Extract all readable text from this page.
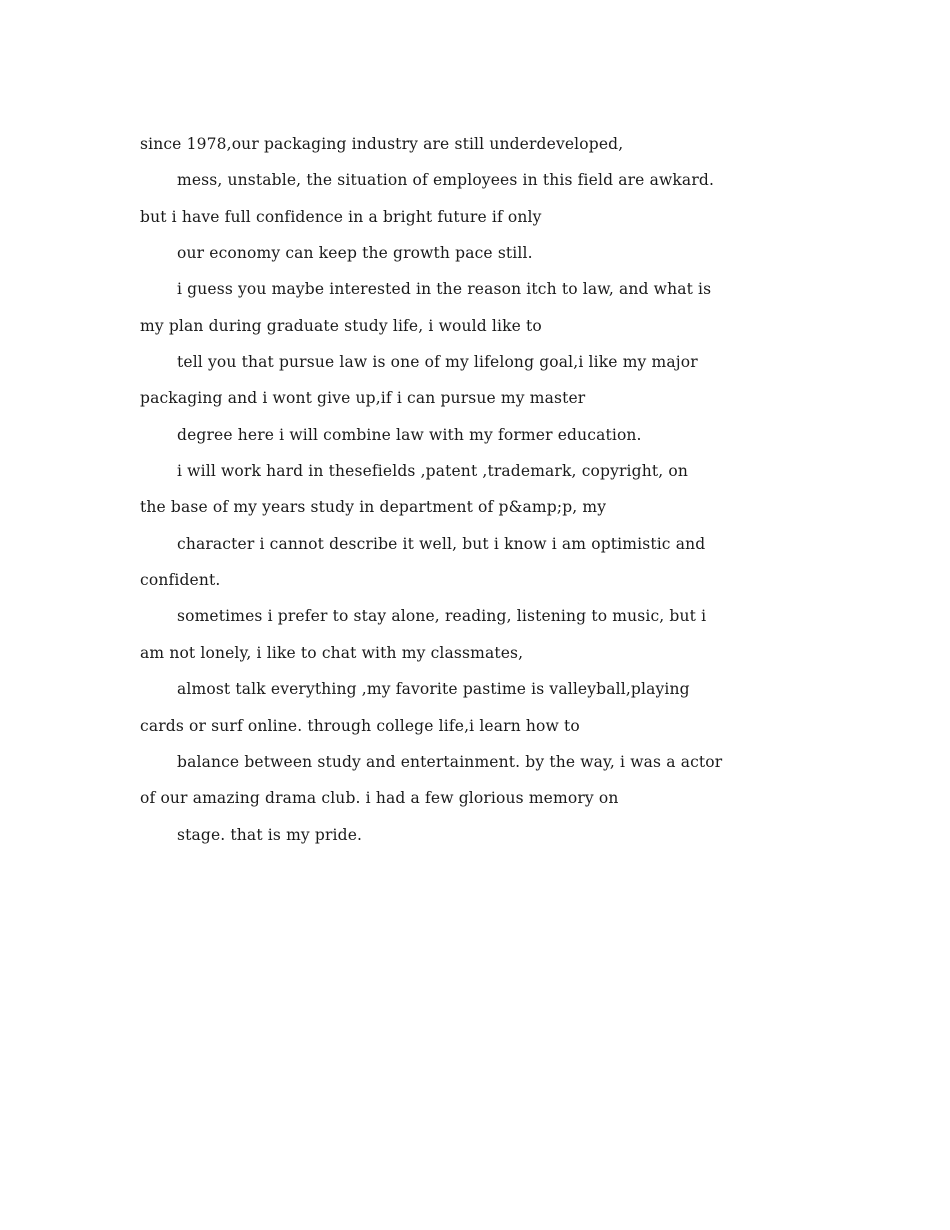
since 1978,our packaging industry are still underdeveloped,
mess, unstable, the situation of employees in this field are awkard.
but i have full confidence in a bright future if only
our economy can keep the growth pace still.
i guess you maybe interested in the reason itch to law, and what is
my plan during graduate study life, i would like to
tell you that pursue law is one of my lifelong goal,i like my major
packaging and i wont give up,if i can pursue my master
degree here i will combine law with my former education.
i will work hard in thesefields ,patent ,trademark, copyright, on
the base of my years study in department of p&amp;p, my
character i cannot describe it well, but i know i am optimistic and
confident.
sometimes i prefer to stay alone, reading, listening to music, but i
am not lonely, i like to chat with my classmates,
almost talk everything ,my favorite pastime is valleyball,playing
cards or surf online. through college life,i learn how to
balance between study and entertainment. by the way, i was a actor
of our amazing drama club. i had a few glorious memory on
stage. that is my pride.
